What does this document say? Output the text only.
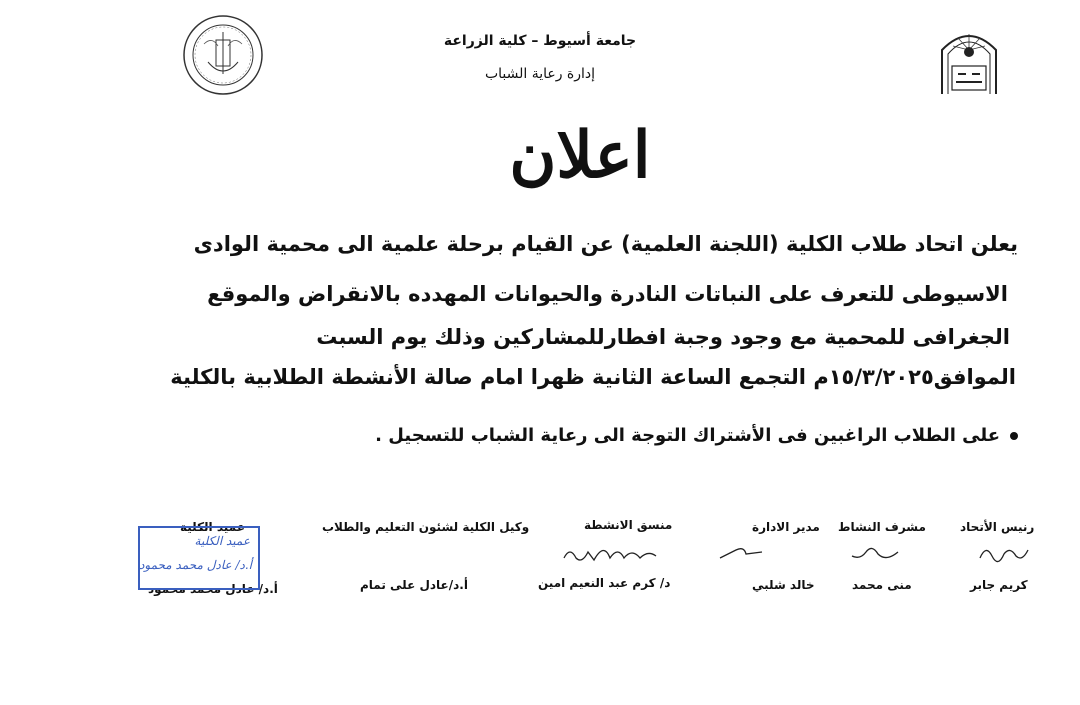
جامعة أسيوط – كلية الزراعة
إدارة رعاية الشباب
اعلان
يعلن اتحاد طلاب الكلية (اللجنة العلمية) عن القيام برحلة علمية الى محمية الوادى
الاسيوطى للتعرف على النباتات النادرة والحيوانات المهدده بالانقراض والموقع
الجغرافى للمحمية مع وجود وجبة افطارللمشاركين وذلك يوم السبت
الموافق١٥/٣/٢٠٢٥م التجمع الساعة الثانية ظهرا امام صالة الأنشطة الطلابية بالكلية
على الطلاب الراغبين فى الأشتراك التوجة الى رعاية الشباب للتسجيل .
رنيس الأتحاد
مشرف النشاط
مدير الادارة
منسق الانشطة
وكيل الكلية لشئون التعليم والطلاب
عميد الكلية
كريم جابر
منى محمد
خالد شلبي
د/ كرم عبد النعيم امين
أ.د/عادل على تمام
أ.د/ عادل محمد محمود
عميد الكلية
أ.د/ عادل محمد محمود
